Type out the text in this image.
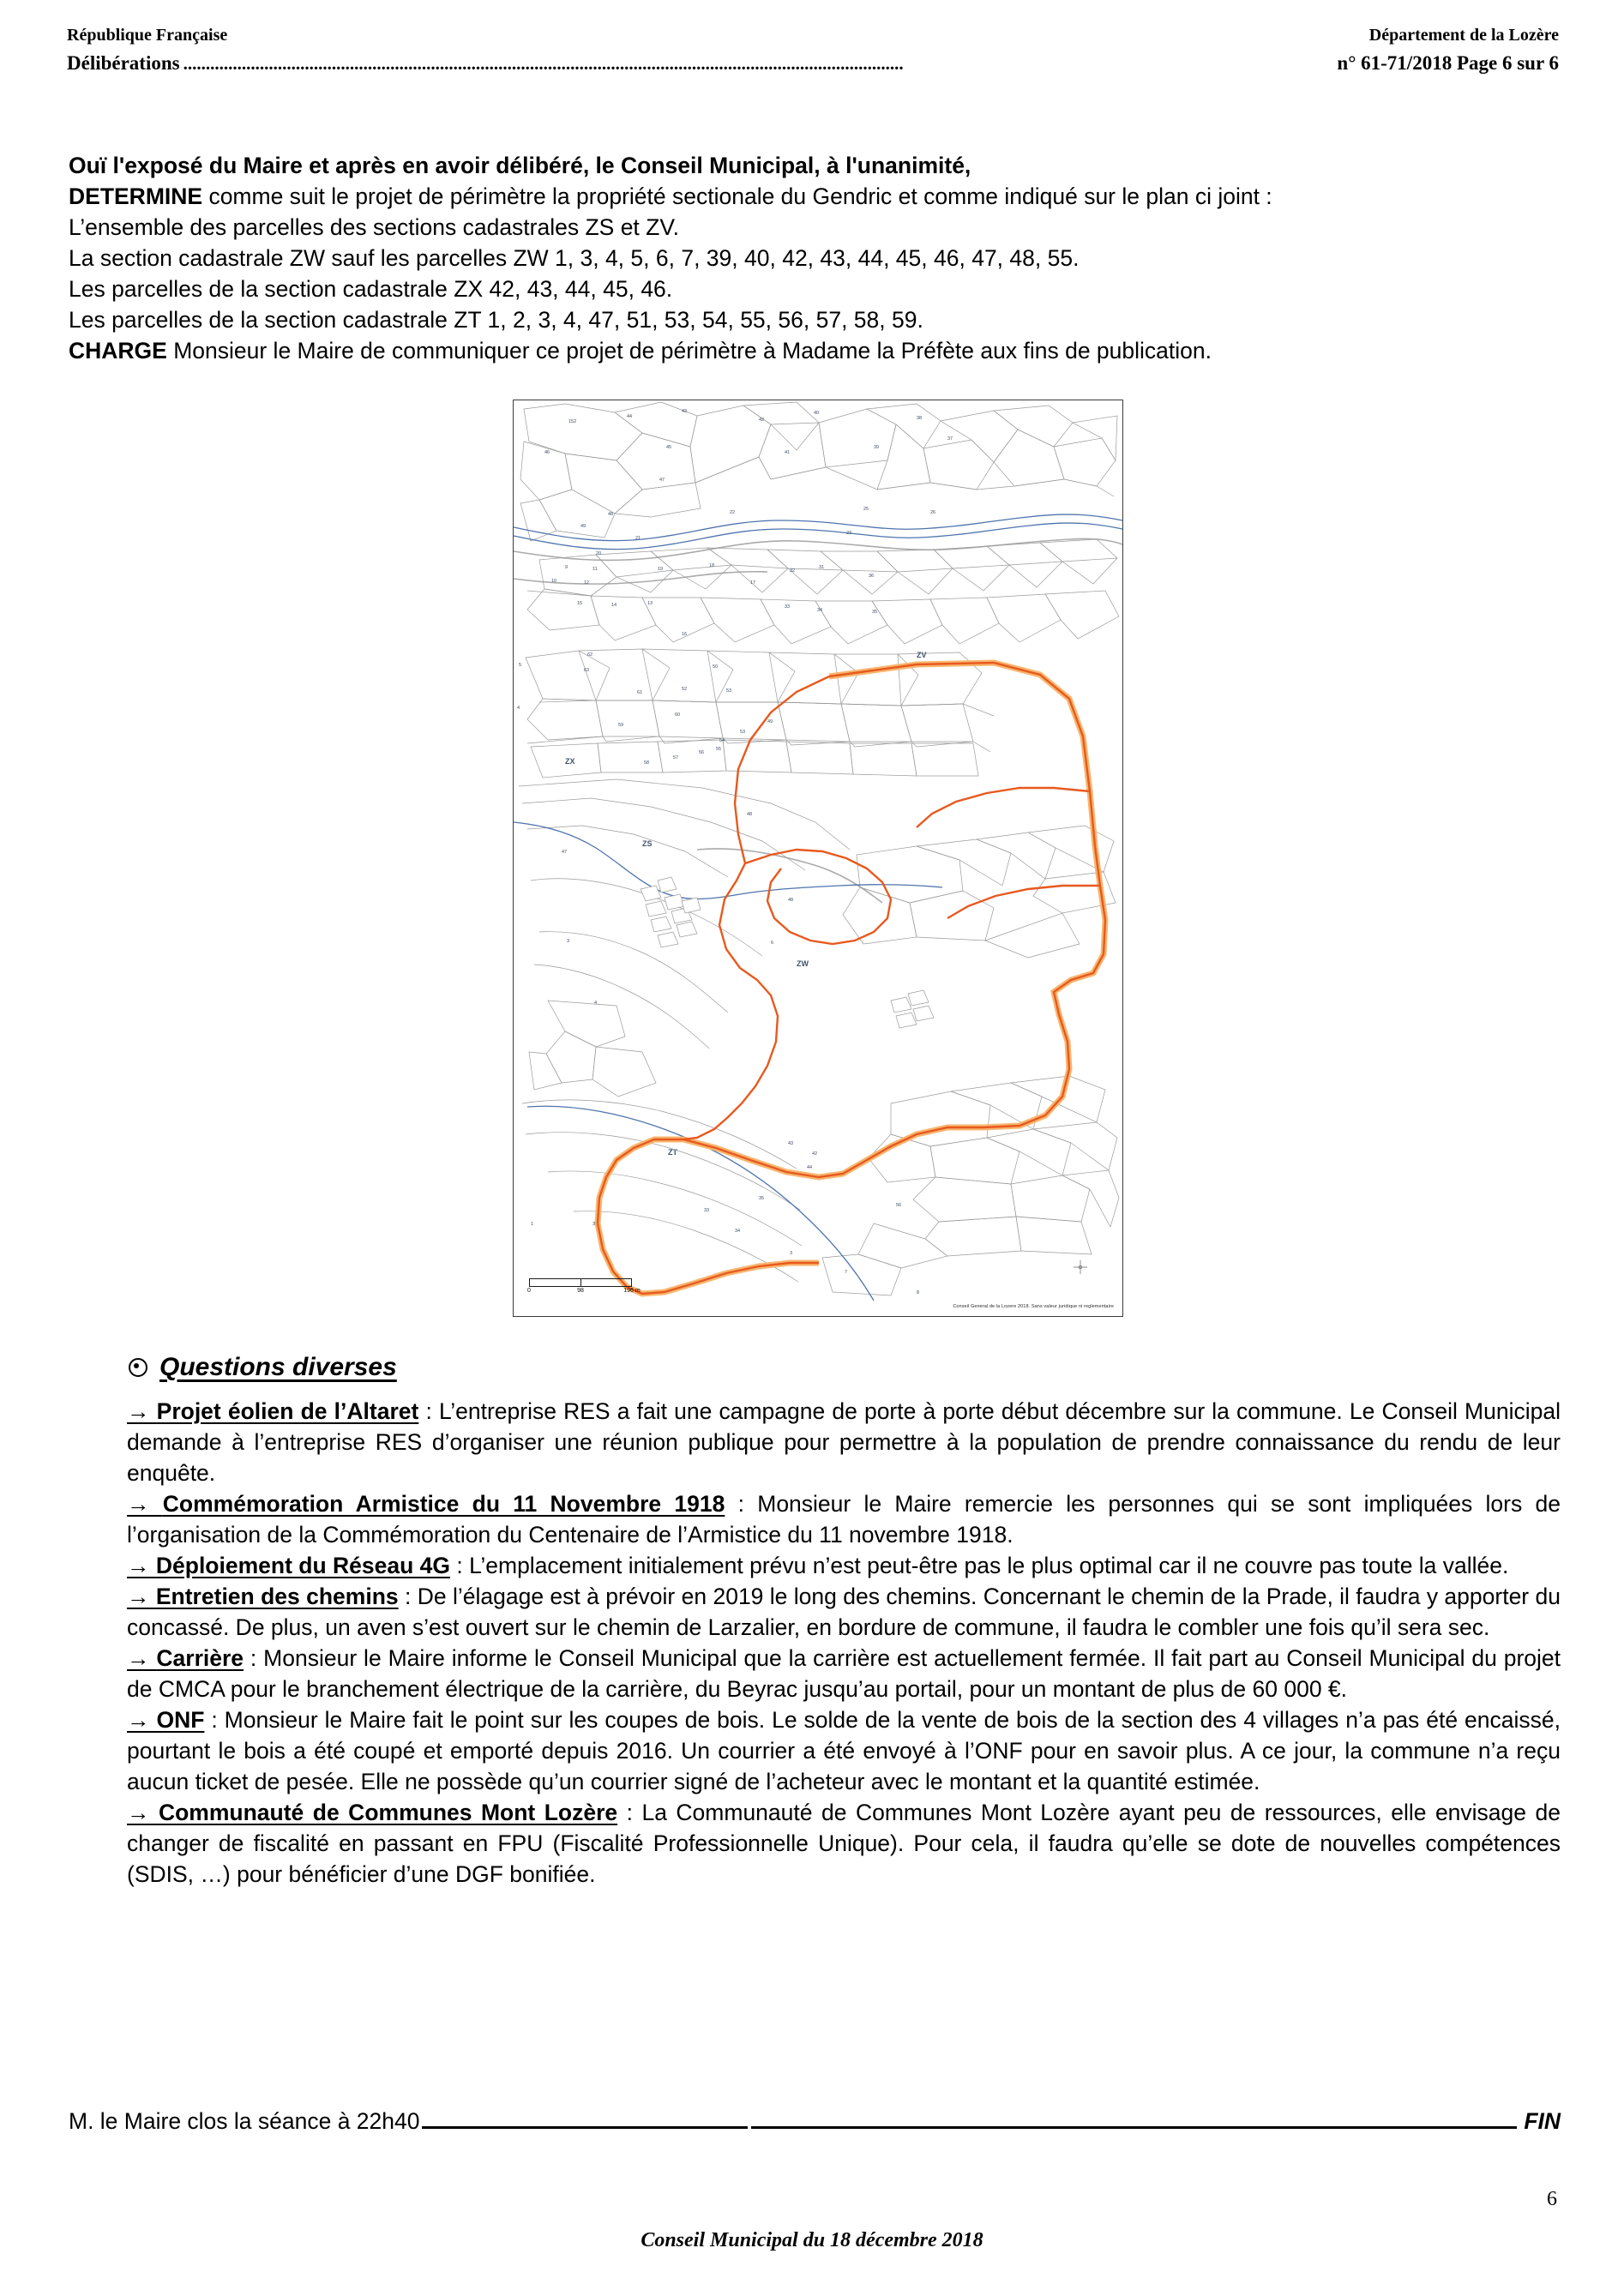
République Française	Département de la Lozère
Délibérations ................................................................................................................................................................	n° 61-71/2018 Page 6 sur 6

Ouï l'exposé du Maire et après en avoir délibéré, le Conseil Municipal, à l'unanimité,

DETERMINE comme suit le projet de périmètre la propriété sectionale du Gendric et comme indiqué sur le plan ci joint :

L’ensemble des parcelles des sections cadastrales ZS et ZV.

La section cadastrale ZW sauf les parcelles ZW 1, 3, 4, 5, 6, 7, 39, 40, 42, 43, 44, 45, 46, 47, 48, 55.

Les parcelles de la section cadastrale ZX 42, 43, 44, 45, 46.

Les parcelles de la section cadastrale ZT 1, 2, 3, 4, 47, 51, 53, 54, 55, 56, 57, 58, 59.

CHARGE Monsieur le Maire de communiquer ce projet de périmètre à Madame la Préfète aux fins de publication.

ZX
ZW
ZS
ZV
ZT
152
44
43
45
42
40
41
39
38
37
46
47
48
49
21
22
25
26
23
20
9
10
11
12
19
18
17
32
31
36
15	14	13
33
34	35
16
62
63
50
61
52	53
49
60
59
53
54
55
58
57
56
5
4
48
47
48
3	6
4
43
42
44
35
33
56
34
3
7
1	3
8
0	98	196 m
Conseil General de la Lozere 2018. Sans valeur juridique ni reglementaire
Questions diverses

→ Projet éolien de l’Altaret : L’entreprise RES a fait une campagne de porte à porte début décembre sur la commune. Le Conseil Municipal demande à l’entreprise RES d’organiser une réunion publique pour permettre à la population de prendre connaissance du rendu de leur enquête.

→ Commémoration Armistice du 11 Novembre 1918 : Monsieur le Maire remercie les personnes qui se sont impliquées lors de l’organisation de la Commémoration du Centenaire de l’Armistice du 11 novembre 1918.

→ Déploiement du Réseau 4G : L’emplacement initialement prévu n’est peut-être pas le plus optimal car il ne couvre pas toute la vallée.

→ Entretien des chemins : De l’élagage est à prévoir en 2019 le long des chemins. Concernant le chemin de la Prade, il faudra y apporter du concassé. De plus, un aven s’est ouvert sur le chemin de Larzalier, en bordure de commune, il faudra le combler une fois qu’il sera sec.

→ Carrière : Monsieur le Maire informe le Conseil Municipal que la carrière est actuellement fermée. Il fait part au Conseil Municipal du projet de CMCA pour le branchement électrique de la carrière, du Beyrac jusqu’au portail, pour un montant de plus de 60 000 €.

→ ONF : Monsieur le Maire fait le point sur les coupes de bois. Le solde de la vente de bois de la section des 4 villages n’a pas été encaissé, pourtant le bois a été coupé et emporté depuis 2016. Un courrier a été envoyé à l’ONF pour en savoir plus. A ce jour, la commune n’a reçu aucun ticket de pesée. Elle ne possède qu’un courrier signé de l’acheteur avec le montant et la quantité estimée.

→ Communauté de Communes Mont Lozère : La Communauté de Communes Mont Lozère ayant peu de ressources, elle envisage de changer de fiscalité en passant en FPU (Fiscalité Professionnelle Unique). Pour cela, il faudra qu’elle se dote de nouvelles compétences (SDIS, …) pour bénéficier d’une DGF bonifiée.

M. le Maire clos la séance à 22h40	FIN
6
Conseil Municipal du 18 décembre 2018
